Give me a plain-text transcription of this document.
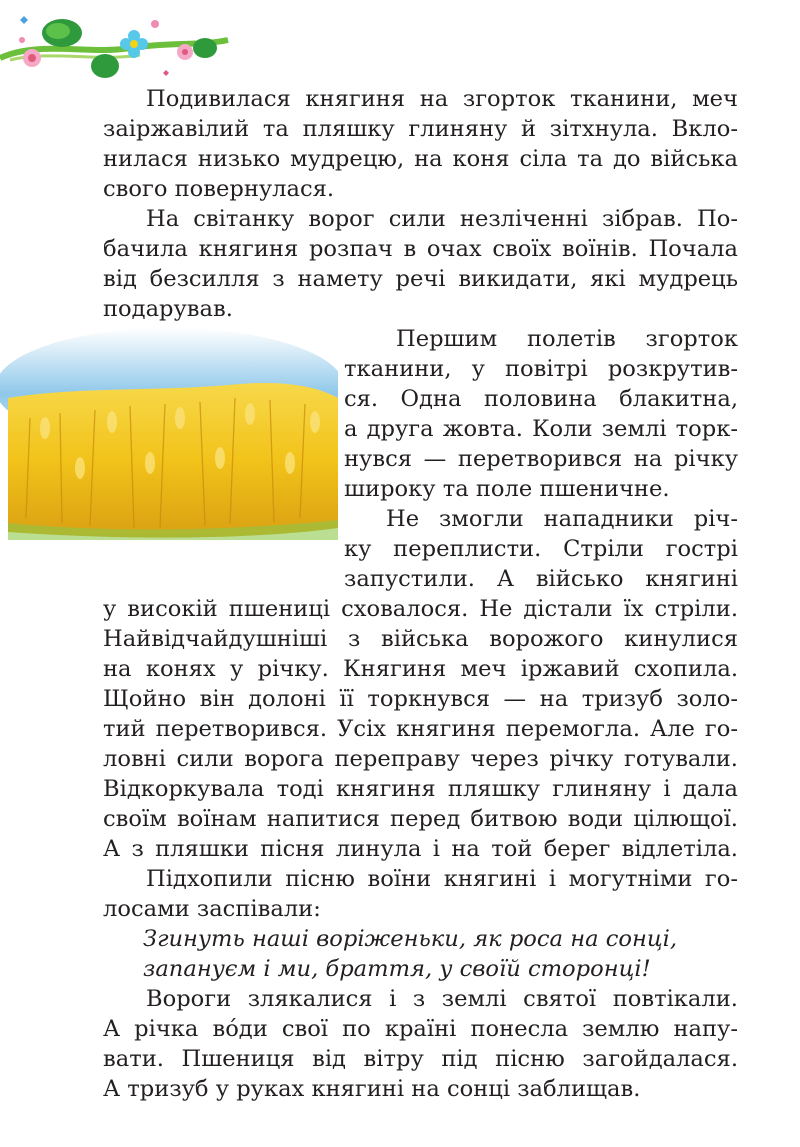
Подивилася княгиня на згорток тканини, меч
заіржавілий та пляшку глиняну й зітхнула. Вкло-
нилася низько мудрецю, на коня сіла та до війська
свого повернулася.
На світанку ворог сили незліченні зібрав. По-
бачила княгиня розпач в очах своїх воїнів. Почала
від безсилля з намету речі викидати, які мудрець
подарував.
Першим полетів згорток
тканини, у повітрі розкрутив-
ся. Одна половина блакитна,
а друга жовта. Коли землі торк-
нувся — перетворився на річку
широку та поле пшеничне.
Не змогли нападники річ-
ку переплисти. Стріли гострі
запустили. А військо княгині
у високій пшениці сховалося. Не дістали їх стріли.
Найвідчайдушніші з війська ворожого кинулися
на конях у річку. Княгиня меч іржавий схопила.
Щойно він долоні її торкнувся — на тризуб золо-
тий перетворився. Усіх княгиня перемогла. Але го-
ловні сили ворога переправу через річку готували.
Відкоркувала тоді княгиня пляшку глиняну і дала
своїм воїнам напитися перед битвою води цілющої.
А з пляшки пісня линула і на той берег відлетіла.
Підхопили пісню воїни княгині і могутніми го-
лосами заспівали:
Згинуть наші воріженьки, як роса на сонці,
запануєм і ми, браття, у своїй сторонці!
Вороги злякалися і з землі святої повтікали.
А річка вόди свої по країні понесла землю напу-
вати. Пшениця від вітру під пісню загойдалася.
А тризуб у руках княгині на сонці заблищав.
